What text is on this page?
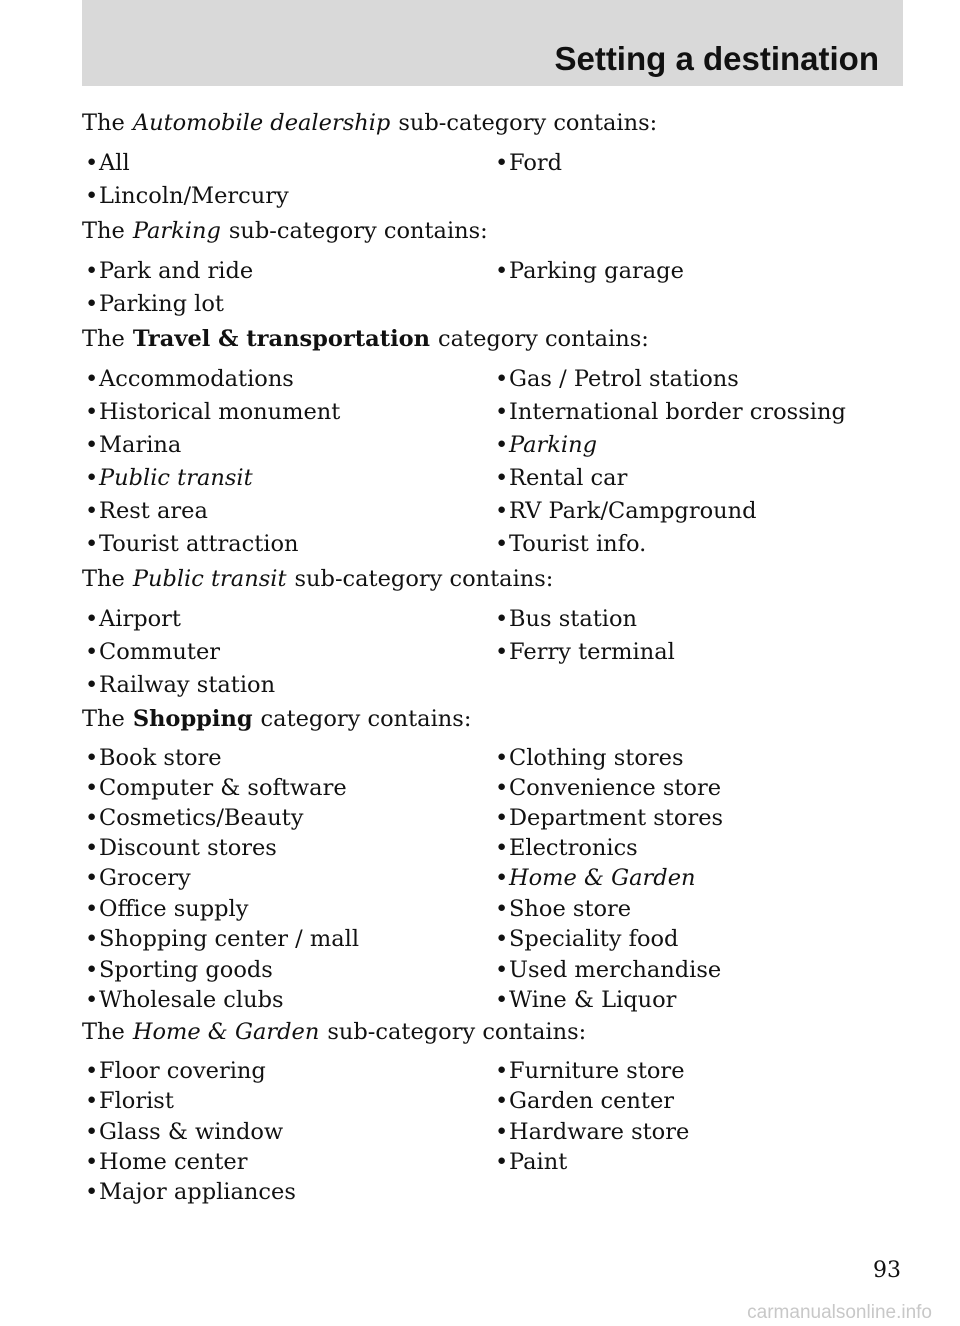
Setting a destination
The Automobile dealership sub-category contains:
•All	•Ford
•Lincoln/Mercury
The Parking sub-category contains:
•Park and ride	•Parking garage
•Parking lot
The Travel & transportation category contains:
•Accommodations	•Gas / Petrol stations
•Historical monument	•International border crossing
•Marina	•Parking
•Public transit	•Rental car
•Rest area	•RV Park/Campground
•Tourist attraction	•Tourist info.
The Public transit sub-category contains:
•Airport	•Bus station
•Commuter	•Ferry terminal
•Railway station
The Shopping category contains:
•Book store	•Clothing stores
•Computer & software	•Convenience store
•Cosmetics/Beauty	•Department stores
•Discount stores	•Electronics
•Grocery	•Home & Garden
•Office supply	•Shoe store
•Shopping center / mall	•Speciality food
•Sporting goods	•Used merchandise
•Wholesale clubs	•Wine & Liquor
The Home & Garden sub-category contains:
•Floor covering	•Furniture store
•Florist	•Garden center
•Glass & window	•Hardware store
•Home center	•Paint
•Major appliances
93
carmanualsonline.info
